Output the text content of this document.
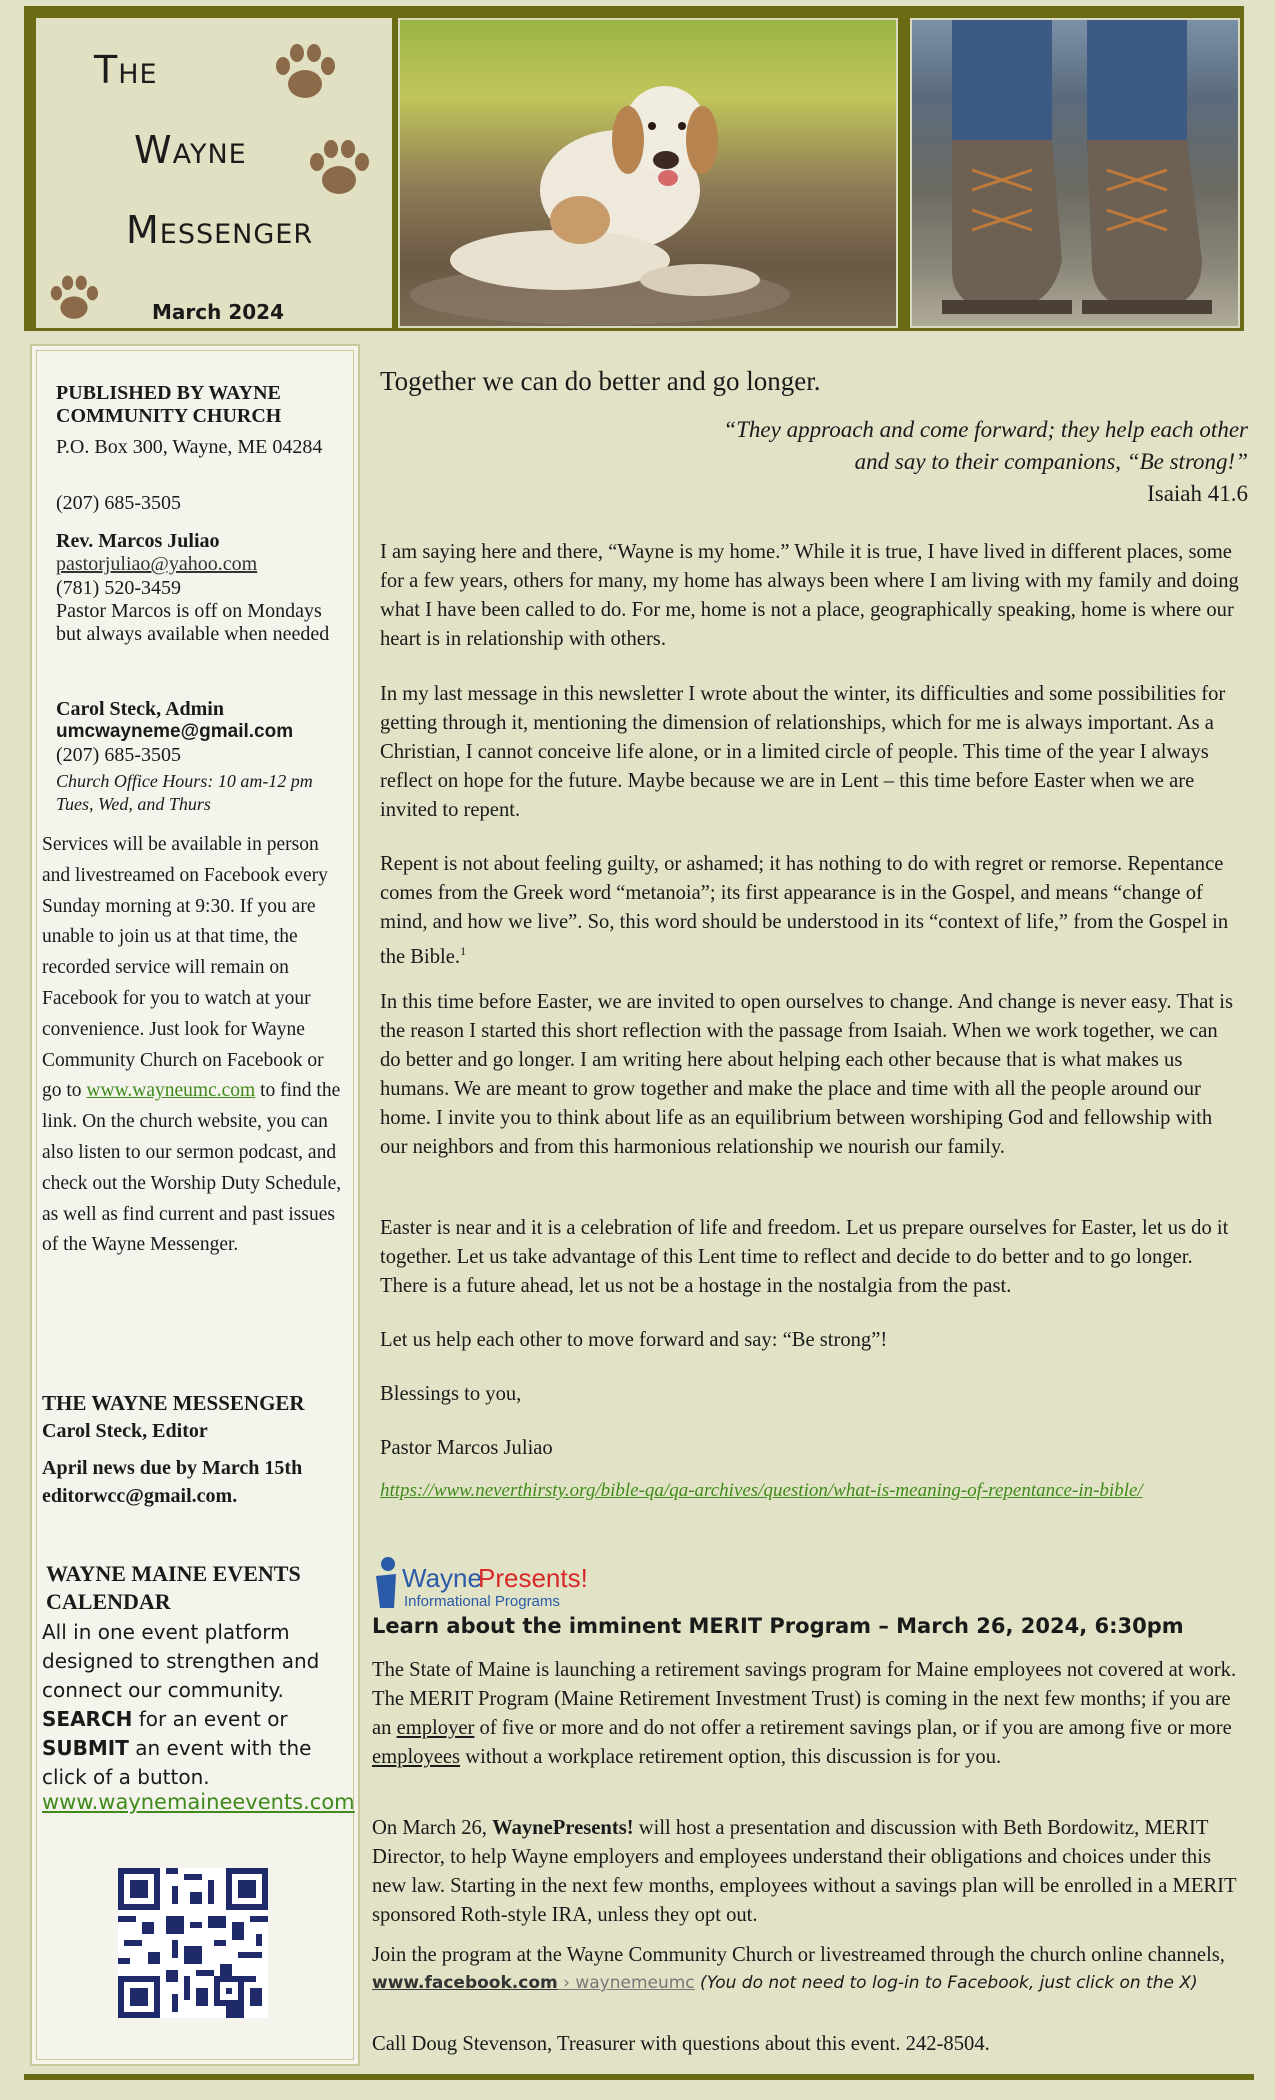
The
Wayne
Messenger
March 2024
PUBLISHED BY WAYNE COMMUNITY CHURCH
P.O. Box 300, Wayne, ME 04284
(207) 685-3505
Rev. Marcos Juliao
pastorjuliao@yahoo.com
(781) 520-3459
Pastor Marcos is off on Mondays but always available when needed
Carol Steck, Admin
umcwayneme@gmail.com
(207) 685-3505
Church Office Hours: 10 am-12 pm Tues, Wed, and Thurs
Services will be available in person and livestreamed on Facebook every Sunday morning at 9:30. If you are unable to join us at that time, the recorded service will remain on Facebook for you to watch at your convenience. Just look for Wayne Community Church on Facebook or go to www.wayneumc.com to find the link. On the church website, you can also listen to our sermon podcast, and check out the Worship Duty Schedule, as well as find current and past issues of the Wayne Messenger.
THE WAYNE MESSENGER
Carol Steck, Editor
April news due by March 15th editorwcc@gmail.com.
WAYNE MAINE EVENTS CALENDAR
All in one event platform designed to strengthen and connect our community. SEARCH for an event or SUBMIT an event with the click of a button.
www.waynemaineevents.com
Together we can do better and go longer.
“They approach and come forward; they help each other
and say to their companions, “Be strong!”
Isaiah 41.6
I am saying here and there, “Wayne is my home.” While it is true, I have lived in different places, some for a few years, others for many, my home has always been where I am living with my family and doing what I have been called to do. For me, home is not a place, geographically speaking, home is where our heart is in relationship with others.
In my last message in this newsletter I wrote about the winter, its difficulties and some possibilities for getting through it, mentioning the dimension of relationships, which for me is always important. As a Christian, I cannot conceive life alone, or in a limited circle of people. This time of the year I always reflect on hope for the future. Maybe because we are in Lent – this time before Easter when we are invited to repent.
Repent is not about feeling guilty, or ashamed; it has nothing to do with regret or remorse. Repentance comes from the Greek word “metanoia”; its first appearance is in the Gospel, and means “change of mind, and how we live”. So, this word should be understood in its “context of life,” from the Gospel in the Bible.$^1$
In this time before Easter, we are invited to open ourselves to change. And change is never easy. That is the reason I started this short reflection with the passage from Isaiah. When we work together, we can do better and go longer. I am writing here about helping each other because that is what makes us humans. We are meant to grow together and make the place and time with all the people around our home. I invite you to think about life as an equilibrium between worshiping God and fellowship with our neighbors and from this harmonious relationship we nourish our family.
Easter is near and it is a celebration of life and freedom. Let us prepare ourselves for Easter, let us do it together. Let us take advantage of this Lent time to reflect and decide to do better and to go longer. There is a future ahead, let us not be a hostage in the nostalgia from the past.
Let us help each other to move forward and say: “Be strong”!
Blessings to you,
Pastor Marcos Juliao
https://www.neverthirsty.org/bible-qa/qa-archives/question/what-is-meaning-of-repentance-in-bible/
Wayne
Presents!
Informational Programs
Learn about the imminent MERIT Program – March 26, 2024, 6:30pm
The State of Maine is launching a retirement savings program for Maine employees not covered at work. The MERIT Program (Maine Retirement Investment Trust) is coming in the next few months; if you are an employer of five or more and do not offer a retirement savings plan, or if you are among five or more employees without a workplace retirement option, this discussion is for you.
On March 26, WaynePresents! will host a presentation and discussion with Beth Bordowitz, MERIT Director, to help Wayne employers and employees understand their obligations and choices under this new law. Starting in the next few months, employees without a savings plan will be enrolled in a MERIT sponsored Roth-style IRA, unless they opt out.
Join the program at the Wayne Community Church or livestreamed through the church online channels, www.facebook.com › waynemeumc (You do not need to log-in to Facebook, just click on the X)
Call Doug Stevenson, Treasurer with questions about this event. 242-8504.
